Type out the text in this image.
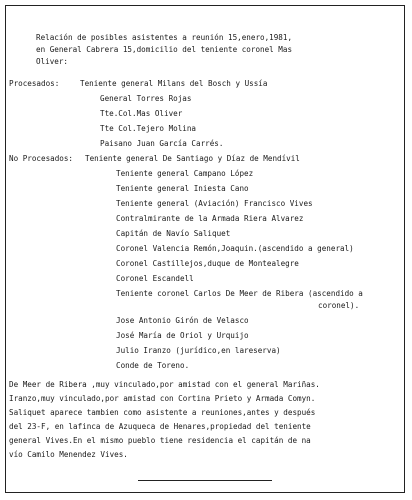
Relación de posibles asistentes a reunión 15,enero,1981,
en General Cabrera 15,domicilio del teniente coronel Mas
Oliver:
Procesados:	Teniente general Milans del Bosch y Ussía
General Torres Rojas
Tte.Col.Mas Oliver
Tte Col.Tejero Molina
Paisano Juan García Carrés.
No Procesados: Teniente general De Santiago y Díaz de Mendívil
Teniente general Campano López
Teniente general Iniesta Cano
Teniente general (Aviación) Francisco Vives
Contralmirante de la Armada Riera Alvarez
Capitán de Navío Saliquet
Coronel Valencia Remón,Joaquin.(ascendido a general)
Coronel Castillejos,duque de Montealegre
Coronel Escandell
Teniente coronel Carlos De Meer de Ribera (ascendido a
coronel).
Jose Antonio Girón de Velasco
José María de Oriol y Urquijo
Julio Iranzo (jurídico,en lareserva)
Conde de Toreno.
De Meer de Ribera ,muy vinculado,por amistad con el general Mariñas.
Iranzo,muy vinculado,por amistad con Cortina Prieto y Armada Comyn.
Saliquet aparece tambien como asistente a reuniones,antes y después
del 23-F, en lafinca de Azuqueca de Henares,propiedad del teniente
general Vives.En el mismo pueblo tiene residencia el capitán de na
vío Camilo Menendez Vives.
